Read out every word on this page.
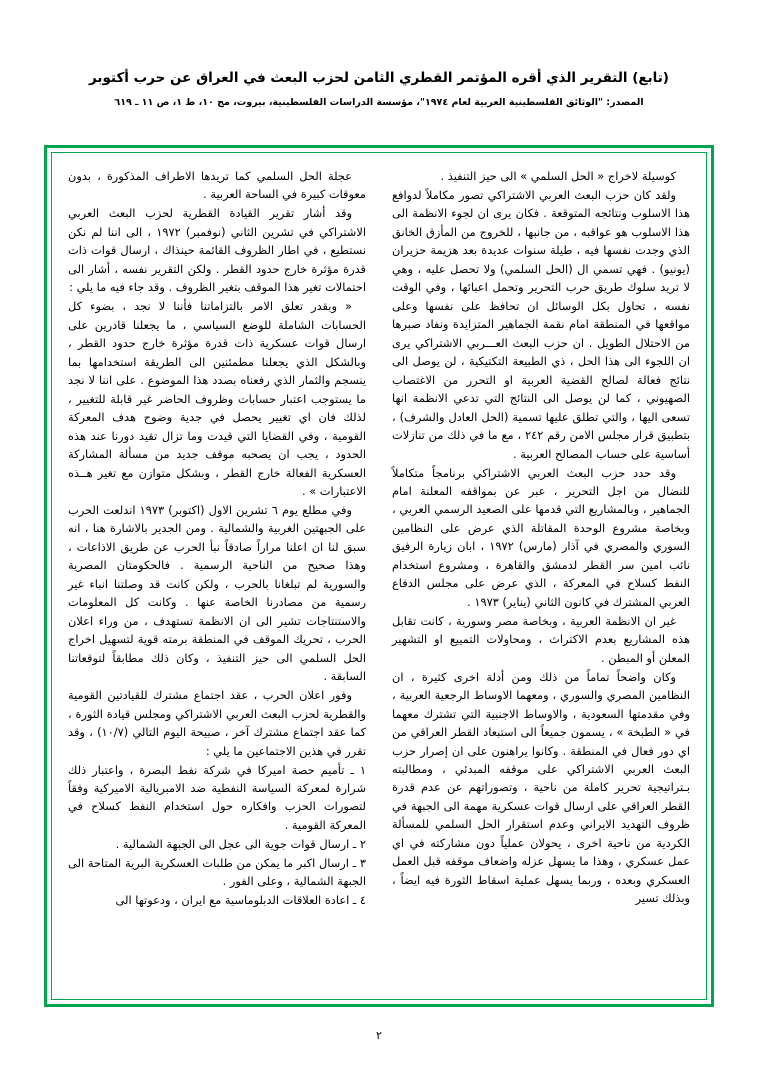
(تابع) التقرير الذي أقره المؤتمر القطري الثامن لحزب البعث في العراق عن حرب أكتوبر
المصدر: "الوثائق الفلسطينية العربية لعام ١٩٧٤"، مؤسسة الدراسات الفلسطينية، بيروت، مج ١٠، ط ١، ص ١١ ـ ٦١٩

كوسيلة لاخراج « الحل السلمي » الى حيز التنفيذ .

ولقد كان حزب البعث العربي الاشتراكي تصور مكاملاً لدوافع هذا الاسلوب ونتائجه المتوقعة . فكان يرى ان لجوء الانظمة الى هذا الاسلوب هو عواقبه ، من جانبها ، للخروج من المأزق الخانق الذي وجدت نفسها فيه ، طيلة سنوات عديدة بعد هزيمة حزيران (يونيو) . فهي تسمي ال (الحل السلمي) ولا تحصل عليه ، وهي لا تريد سلوك طريق حرب التحرير وتحمل اعبائها ، وفي الوقت نفسه ، تحاول بكل الوسائل ان تحافظ على نفسها وعلى مواقعها في المنطقة امام نقمة الجماهير المتزايدة ونفاد صبرها من الاحتلال الطويل . ان حزب البعث العـــربي الاشتراكي يرى ان اللجوء الى هذا الحل ، ذي الطبيعة التكتيكية ، لن يوصل الى نتائج فعالة لصالح القضية العربية او التحرر من الاغتصاب الصهيوني ، كما لن يوصل الى النتائج التي تدعي الانظمة انها تسعى اليها ، والتي تطلق عليها تسمية (الحل العادل والشرف) ، بتطبيق قرار مجلس الامن رقم ٢٤٢ ، مع ما في ذلك من تنازلات أساسية على حساب المصالح العربية .

وقد حدد حزب البعث العربي الاشتراكي برنامجاً متكاملاً للنضال من اجل التحرير ، عبر عن بمواقفه المعلنة امام الجماهير ، وبالمشاريع التي قدمها على الصعيد الرسمي العربي ، وبخاصة مشروع الوحدة المقاتلة الذي عرض على النظامين السوري والمصري في آذار (مارس) ١٩٧٢ ، ابان زيارة الرفيق نائب امين سر القطر لدمشق والقاهرة ، ومشروع استخدام النفط كسلاح في المعركة ، الذي عرض على مجلس الدفاع العربي المشترك في كانون الثاني (يناير) ١٩٧٣ .

غير ان الانظمة العربية ، وبخاصة مصر وسورية ، كانت تقابل هذه المشاريع بعدم الاكتراث ، ومحاولات التمييع او التشهير المعلن أو المبطن .

وكان واضحاً تماماً من ذلك ومن أدلة اخرى كثيرة ، ان النظامين المصري والسوري ، ومعهما الاوساط الرجعية العربية ، وفي مقدمتها السعودية ، والاوساط الاجنبية التي تشترك معهما في « الطبخة » ، يسمون جميعاً الى استبعاد القطر العراقي من اي دور فعال في المنطقة . وكانوا يراهنون على ان إصرار حزب البعث العربي الاشتراكي على موقفه المبدئي ، ومطالبته بـتراتيجية تحرير كاملة من ناحية ، وتصوراتهم عن عدم قدرة القطر العراقي على ارسال قوات عسكرية مهمة الى الجبهة في ظروف التهديد الايراني وعدم استقرار الحل السلمي للمسألة الكردية من ناحية اخرى ، يحولان عملياً دون مشاركته في اي عمل عسكري ، وهذا ما يسهل عزله واضعاف موقفه قبل العمل العسكري وبعده ، وربما يسهل عملية اسقاط الثورة فيه ايضاً ، وبذلك تسير

عجلة الحل السلمي كما تريدها الاطراف المذكورة ، بدون معوقات كبيرة في الساحة العربية .

وقد أشار تقرير القيادة القطرية لحزب البعث العربي الاشتراكي في تشرين الثاني (نوفمبر) ١٩٧٢ ، الى اننا لم نكن نستطيع ، في اطار الظروف القائمة حينذاك ، ارسال قوات ذات قدرة مؤثرة خارج حدود القطر . ولكن التقرير نفسه ، أشار الى احتمالات تغير هذا الموقف بتغير الظروف . وقد جاء فيه ما يلي :

« وبقدر تعلق الامر بالتزاماتنا فأننا لا نجد ، بضوء كل الحسابات الشاملة للوضع السياسي ، ما يجعلنا قادرين على ارسال قوات عسكرية ذات قدرة مؤثرة خارج حدود القطر ، وبالشكل الذي يجعلنا مطمئنين الى الطريقة استخدامها بما ينسجم والثمار الذي رفعناه بصدد هذا الموضوع . على اننا لا نجد ما يستوجب اعتبار حسابات وظروف الحاضر غير قابلة للتغيير ، لذلك فان اي تغيير يحصل في جدية وضوح هدف المعركة القومية ، وفي القضايا التي قيدت وما تزال تقيد دورنا عند هذه الحدود ، يجب ان يصحبه موقف جديد من مسألة المشاركة العسكرية الفعالة خارج القطر ، وبشكل متوازن مع تغير هــذه الاعتبارات » .

وفي مطلع يوم ٦ تشرين الاول (اكتوبر) ١٩٧٣ اندلعت الحرب على الجبهتين الغربية والشمالية . ومن الجدير بالاشارة هنا ، انه سبق لنا ان اعلنا مراراً صادقاً نبأ الحرب عن طريق الاذاعات ، وهذا صحيح من الناحية الرسمية . فالحكومتان المصرية والسورية لم تبلغانا بالحرب ، ولكن كانت قد وصلتنا انباء غير رسمية من مصادرنا الخاصة عنها . وكانت كل المعلومات والاستنتاجات تشير الى ان الانظمة تستهدف ، من وراء اعلان الحرب ، تحريك الموقف في المنطقة برمته قوية لتسهيل اخراج الحل السلمي الى حيز التنفيذ ، وكان ذلك مطابقاً لتوقعاتنا السابقة .

وفور اعلان الحرب ، عقد اجتماع مشترك للقيادتين القومية والقطرية لحزب البعث العربي الاشتراكي ومجلس قيادة الثورة ، كما عقد اجتماع مشترك آخر ، صبيحة اليوم التالي (١٠/٧) ، وقد تقرر في هذين الاجتماعين ما يلي :

١ ـ تأميم حصة اميركا في شركة نفط البصرة ، واعتبار ذلك شرارة لمعركة السياسة النفطية ضد الامبريالية الاميركية وفقاً لتصورات الحزب وافكاره حول استخدام النفط كسلاح في المعركة القومية .

٢ ـ ارسال قوات جوية الى عجل الى الجبهة الشمالية .

٣ ـ ارسال اكبر ما يمكن من طلبات العسكرية البرية المتاحة الى الجبهة الشمالية ، وعلى الفور .

٤ ـ اعادة العلاقات الدبلوماسية مع ايران ، ودعوتها الى

٢
